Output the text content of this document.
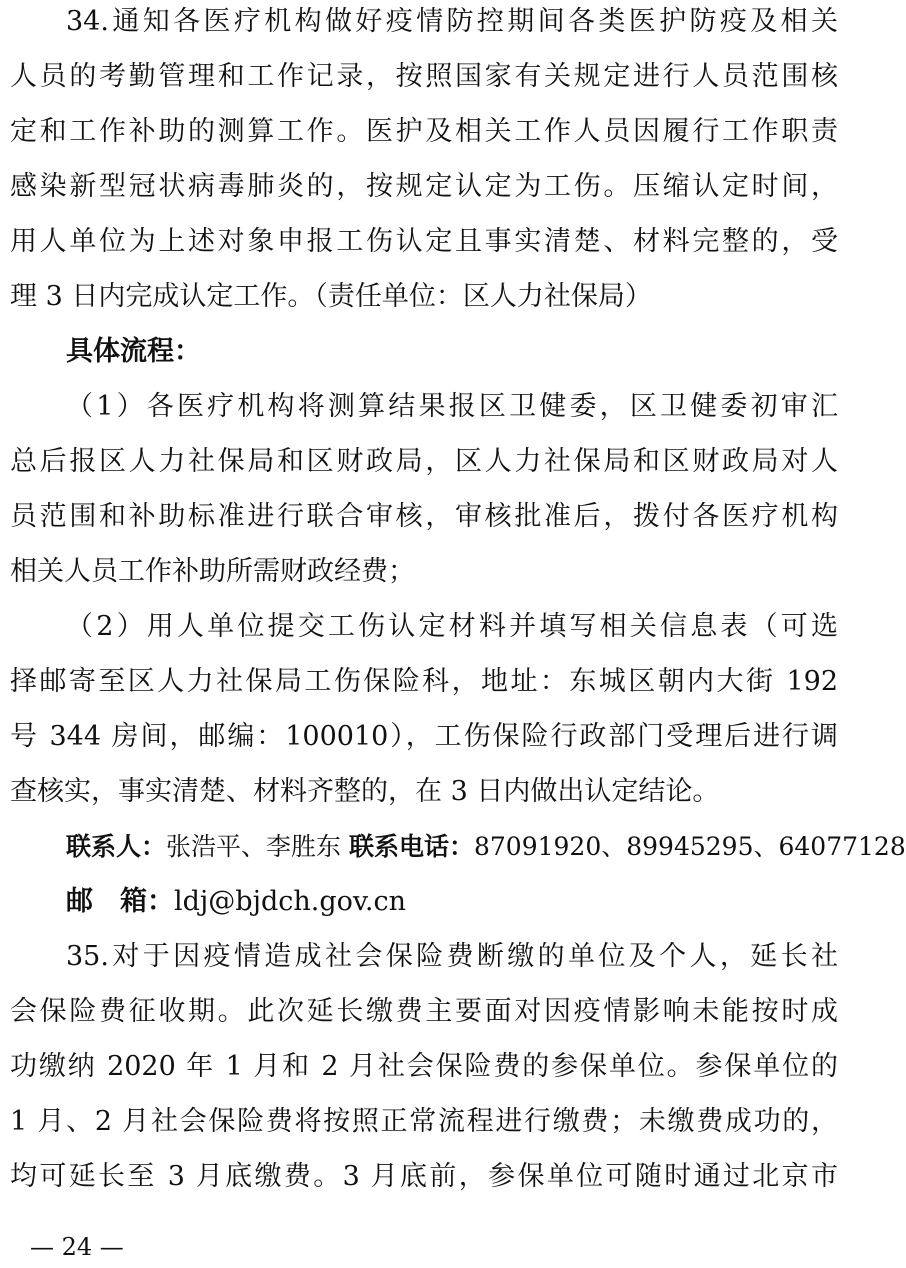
34.通知各医疗机构做好疫情防控期间各类医护防疫及相关
人员的考勤管理和工作记录，按照国家有关规定进行人员范围核
定和工作补助的测算工作。医护及相关工作人员因履行工作职责
感染新型冠状病毒肺炎的，按规定认定为工伤。压缩认定时间，
用人单位为上述对象申报工伤认定且事实清楚、材料完整的，受
理 3 日内完成认定工作。（责任单位：区人力社保局）
具体流程：
（1）各医疗机构将测算结果报区卫健委，区卫健委初审汇
总后报区人力社保局和区财政局，区人力社保局和区财政局对人
员范围和补助标准进行联合审核，审核批准后，拨付各医疗机构
相关人员工作补助所需财政经费；
（2）用人单位提交工伤认定材料并填写相关信息表（可选
择邮寄至区人力社保局工伤保险科，地址：东城区朝内大街 192
号 344 房间，邮编：100010），工伤保险行政部门受理后进行调
查核实，事实清楚、材料齐整的，在 3 日内做出认定结论。
联系人：张浩平、李胜东 联系电话：87091920、89945295、64077128
邮　箱：ldj@bjdch.gov.cn
35.对于因疫情造成社会保险费断缴的单位及个人，延长社
会保险费征收期。此次延长缴费主要面对因疫情影响未能按时成
功缴纳 2020 年 1 月和 2 月社会保险费的参保单位。参保单位的
1 月、2 月社会保险费将按照正常流程进行缴费；未缴费成功的，
均可延长至 3 月底缴费。3 月底前，参保单位可随时通过北京市
— 24 —
